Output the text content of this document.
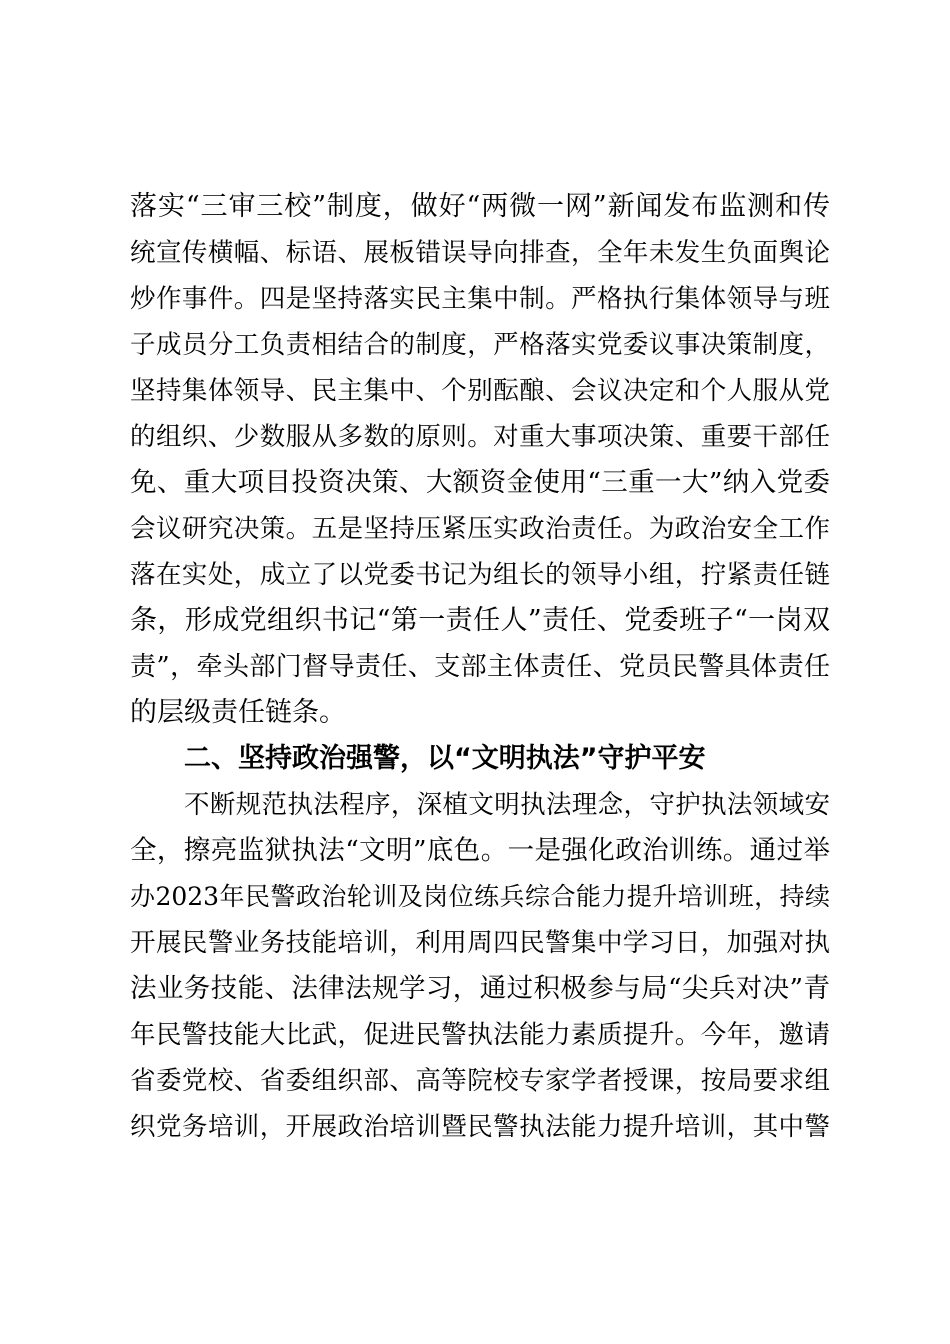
落实“三审三校”制度，做好“两微一网”新闻发布监测和传
统宣传横幅、标语、展板错误导向排查，全年未发生负面舆论
炒作事件。四是坚持落实民主集中制。严格执行集体领导与班
子成员分工负责相结合的制度，严格落实党委议事决策制度，
坚持集体领导、民主集中、个别酝酿、会议决定和个人服从党
的组织、少数服从多数的原则。对重大事项决策、重要干部任
免、重大项目投资决策、大额资金使用“三重一大”纳入党委
会议研究决策。五是坚持压紧压实政治责任。为政治安全工作
落在实处，成立了以党委书记为组长的领导小组，拧紧责任链
条，形成党组织书记“第一责任人”责任、党委班子“一岗双
责”，牵头部门督导责任、支部主体责任、党员民警具体责任
的层级责任链条。
二、坚持政治强警，以“文明执法”守护平安
不断规范执法程序，深植文明执法理念，守护执法领域安
全，擦亮监狱执法“文明”底色。一是强化政治训练。通过举
办2023年民警政治轮训及岗位练兵综合能力提升培训班，持续
开展民警业务技能培训，利用周四民警集中学习日，加强对执
法业务技能、法律法规学习，通过积极参与局“尖兵对决”青
年民警技能大比武，促进民警执法能力素质提升。今年，邀请
省委党校、省委组织部、高等院校专家学者授课，按局要求组
织党务培训，开展政治培训暨民警执法能力提升培训，其中警
